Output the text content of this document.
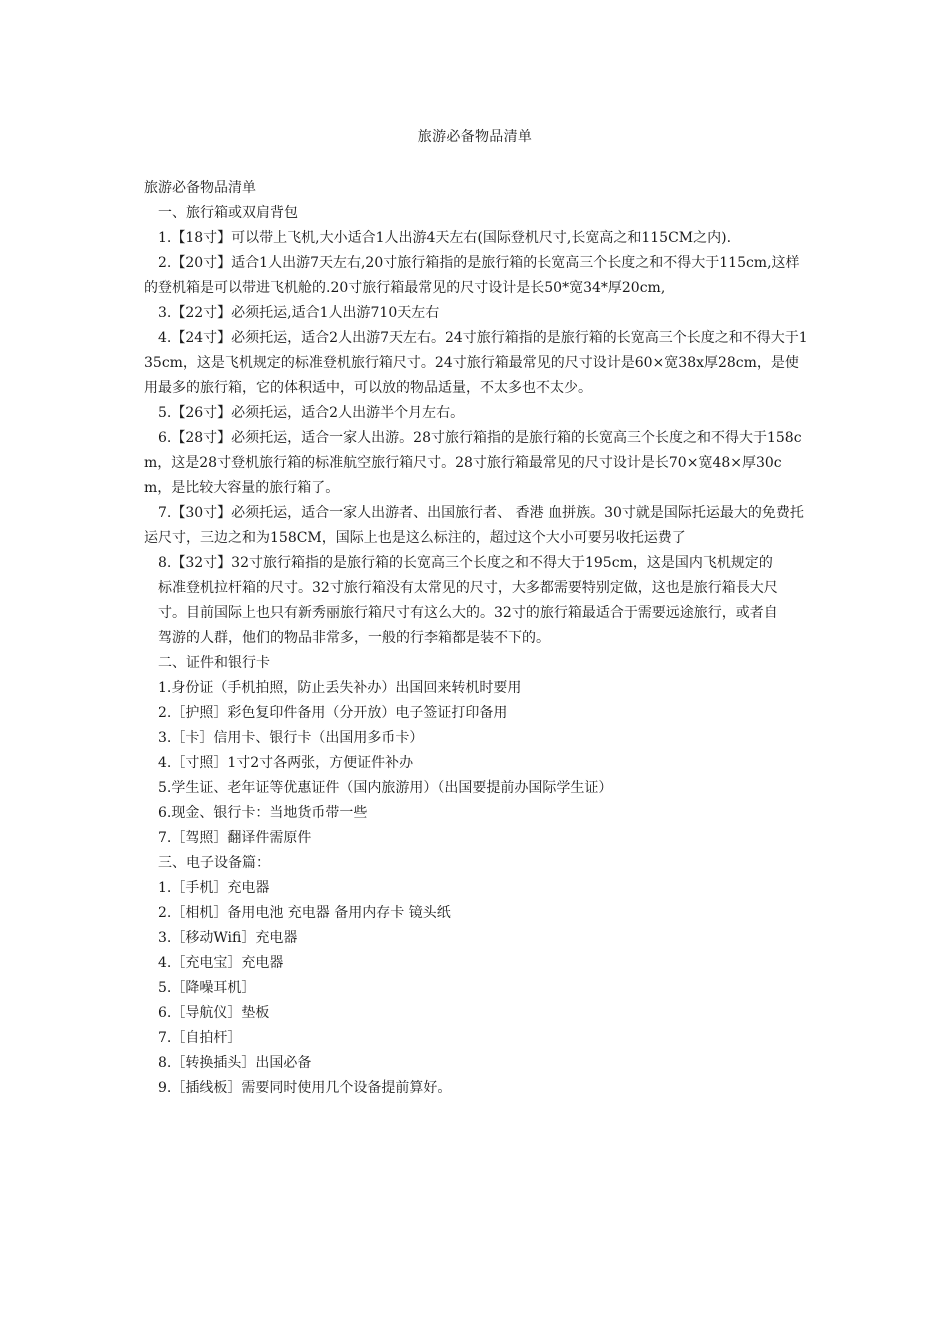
旅游必备物品清单

旅游必备物品清单

一、旅行箱或双肩背包

1.【18寸】可以带上飞机,大小适合1人出游4天左右(国际登机尺寸,长宽高之和115CM之内).

2.【20寸】适合1人出游7天左右,20寸旅行箱指的是旅行箱的长宽高三个长度之和不得大于115cm,这样的登机箱是可以带进飞机舱的.20寸旅行箱最常见的尺寸设计是长50*宽34*厚20cm,

3.【22寸】必须托运,适合1人出游710天左右

4.【24寸】必须托运，适合2人出游7天左右。24寸旅行箱指的是旅行箱的长宽高三个长度之和不得大于135cm，这是飞机规定的标准登机旅行箱尺寸。24寸旅行箱最常见的尺寸设计是60×宽38x厚28cm，是使用最多的旅行箱，它的体积适中，可以放的物品适量，不太多也不太少。

5.【26寸】必须托运，适合2人出游半个月左右。

6.【28寸】必须托运，适合一家人出游。28寸旅行箱指的是旅行箱的长宽高三个长度之和不得大于158cm，这是28寸登机旅行箱的标准航空旅行箱尺寸。28寸旅行箱最常见的尺寸设计是长70×宽48×厚30cm，是比较大容量的旅行箱了。

7.【30寸】必须托运，适合一家人出游者、出国旅行者、 香港 血拼族。30寸就是国际托运最大的免费托运尺寸，三边之和为158CM，国际上也是这么标注的，超过这个大小可要另收托运费了

8.【32寸】32寸旅行箱指的是旅行箱的长宽高三个长度之和不得大于195cm，这是国内飞机规定的标准登机拉杆箱的尺寸。32寸旅行箱没有太常见的尺寸，大多都需要特别定做，这也是旅行箱長大尺寸。目前国际上也只有新秀丽旅行箱尺寸有这么大的。32寸的旅行箱最适合于需要远途旅行，或者自驾游的人群，他们的物品非常多，一般的行李箱都是装不下的。

二、证件和银行卡

1.身份证（手机拍照，防止丢失补办）出国回来转机时要用

2.［护照］彩色复印件备用（分开放）电子签证打印备用

3.［卡］信用卡、银行卡（出国用多币卡）

4.［寸照］1寸2寸各两张，方便证件补办

5.学生证、老年证等优惠证件（国内旅游用）（出国要提前办国际学生证）

6.现金、银行卡：当地货币带一些

7.［驾照］翻译件需原件

三、电子设备篇：

1.［手机］充电器

2.［相机］备用电池 充电器 备用内存卡 镜头纸

3.［移动Wifi］充电器

4.［充电宝］充电器

5.［降噪耳机］

6.［导航仪］垫板

7.［自拍杆］

8.［转换插头］出国必备

9.［插线板］需要同时使用几个设备提前算好。
